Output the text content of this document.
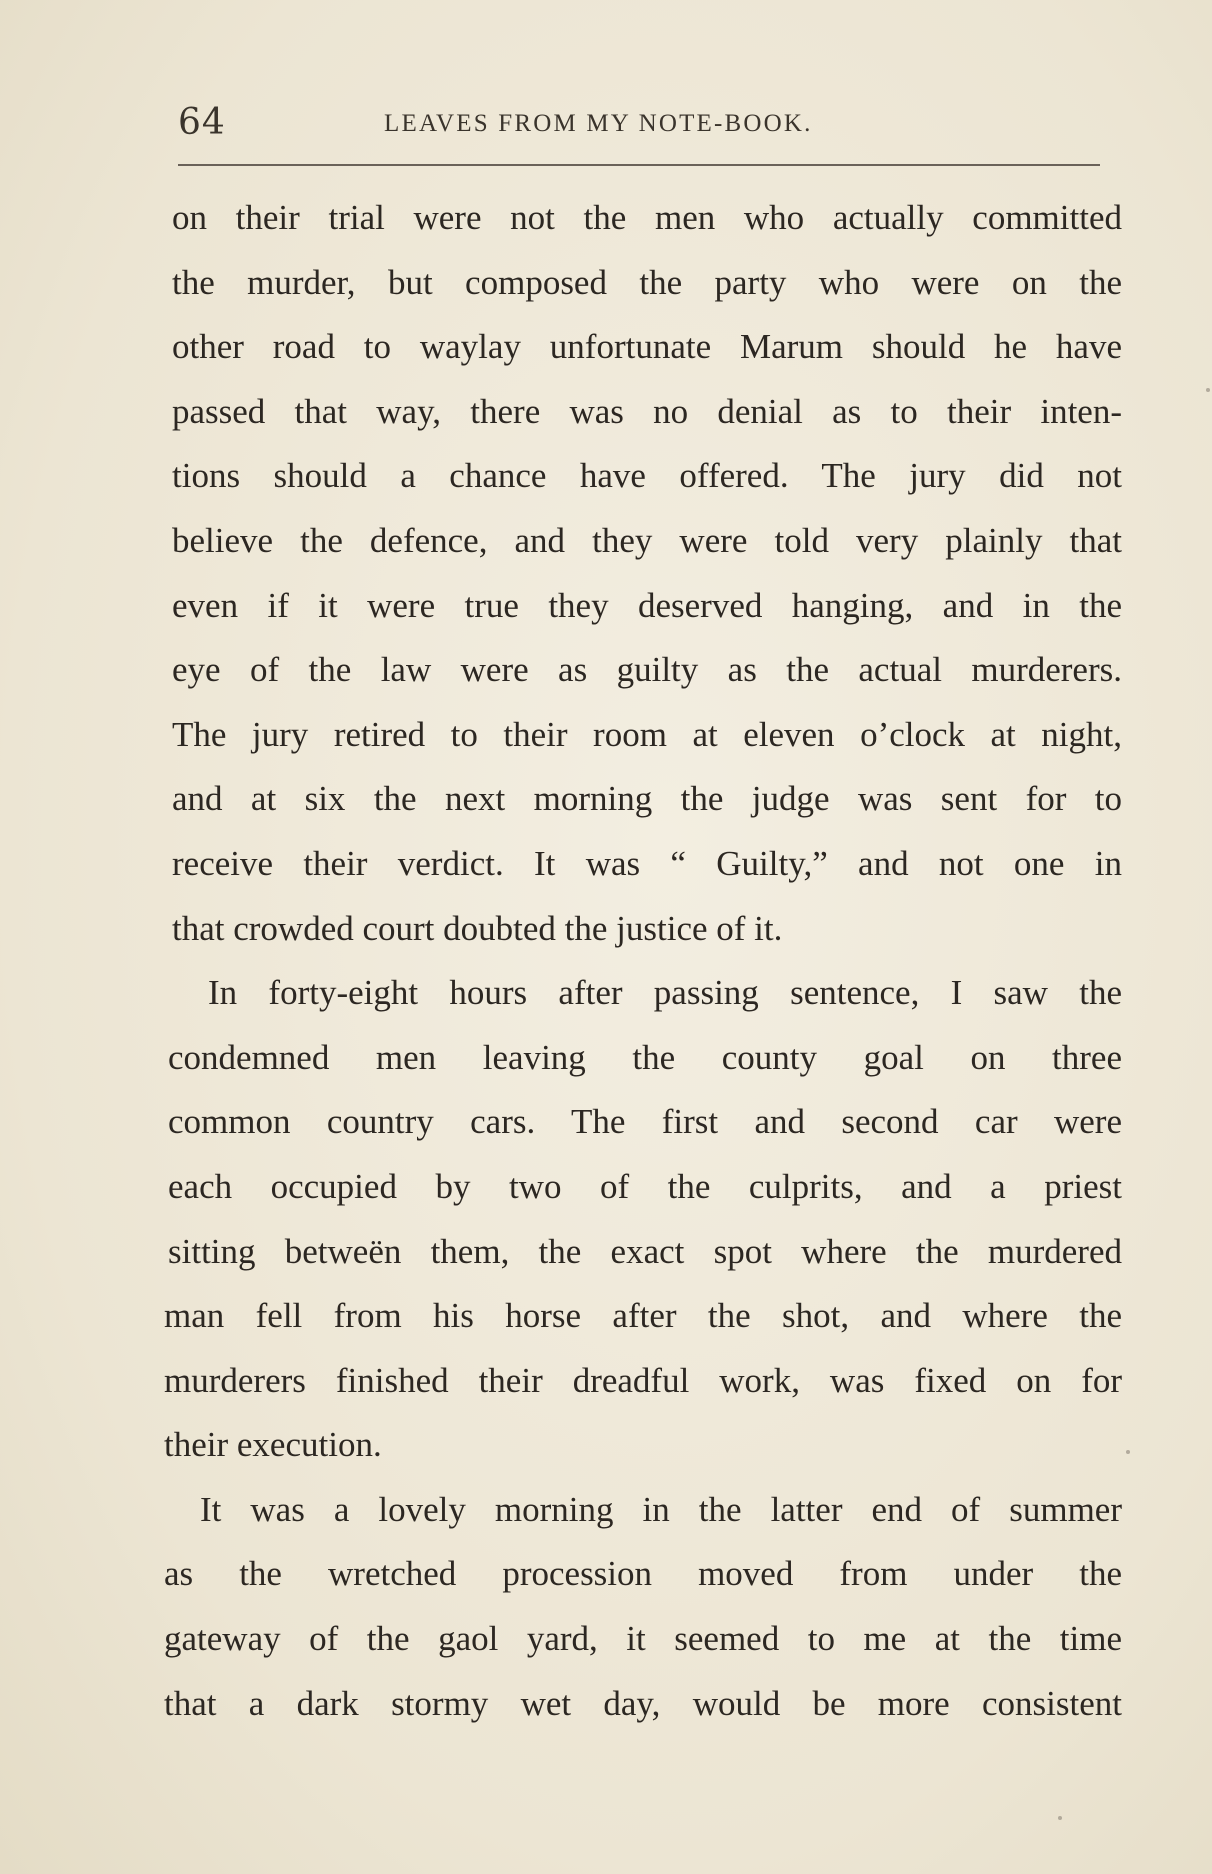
64	LEAVES FROM MY NOTE-BOOK.
on their trial were not the men who actually committed
the murder, but composed the party who were on the
other road to waylay unfortunate Marum should he have
passed that way, there was no denial as to their inten-
tions should a chance have offered. The jury did not
believe the defence, and they were told very plainly that
even if it were true they deserved hanging, and in the
eye of the law were as guilty as the actual murderers.
The jury retired to their room at eleven o’clock at night,
and at six the next morning the judge was sent for to
receive their verdict. It was “ Guilty,” and not one in
that crowded court doubted the justice of it.
In forty-eight hours after passing sentence, I saw the
condemned men leaving the county goal on three
common country cars. The first and second car were
each occupied by two of the culprits, and a priest
sitting betweën them, the exact spot where the murdered
man fell from his horse after the shot, and where the
murderers finished their dreadful work, was fixed on for
their execution.
It was a lovely morning in the latter end of summer
as the wretched procession moved from under the
gateway of the gaol yard, it seemed to me at the time
that a dark stormy wet day, would be more consistent
